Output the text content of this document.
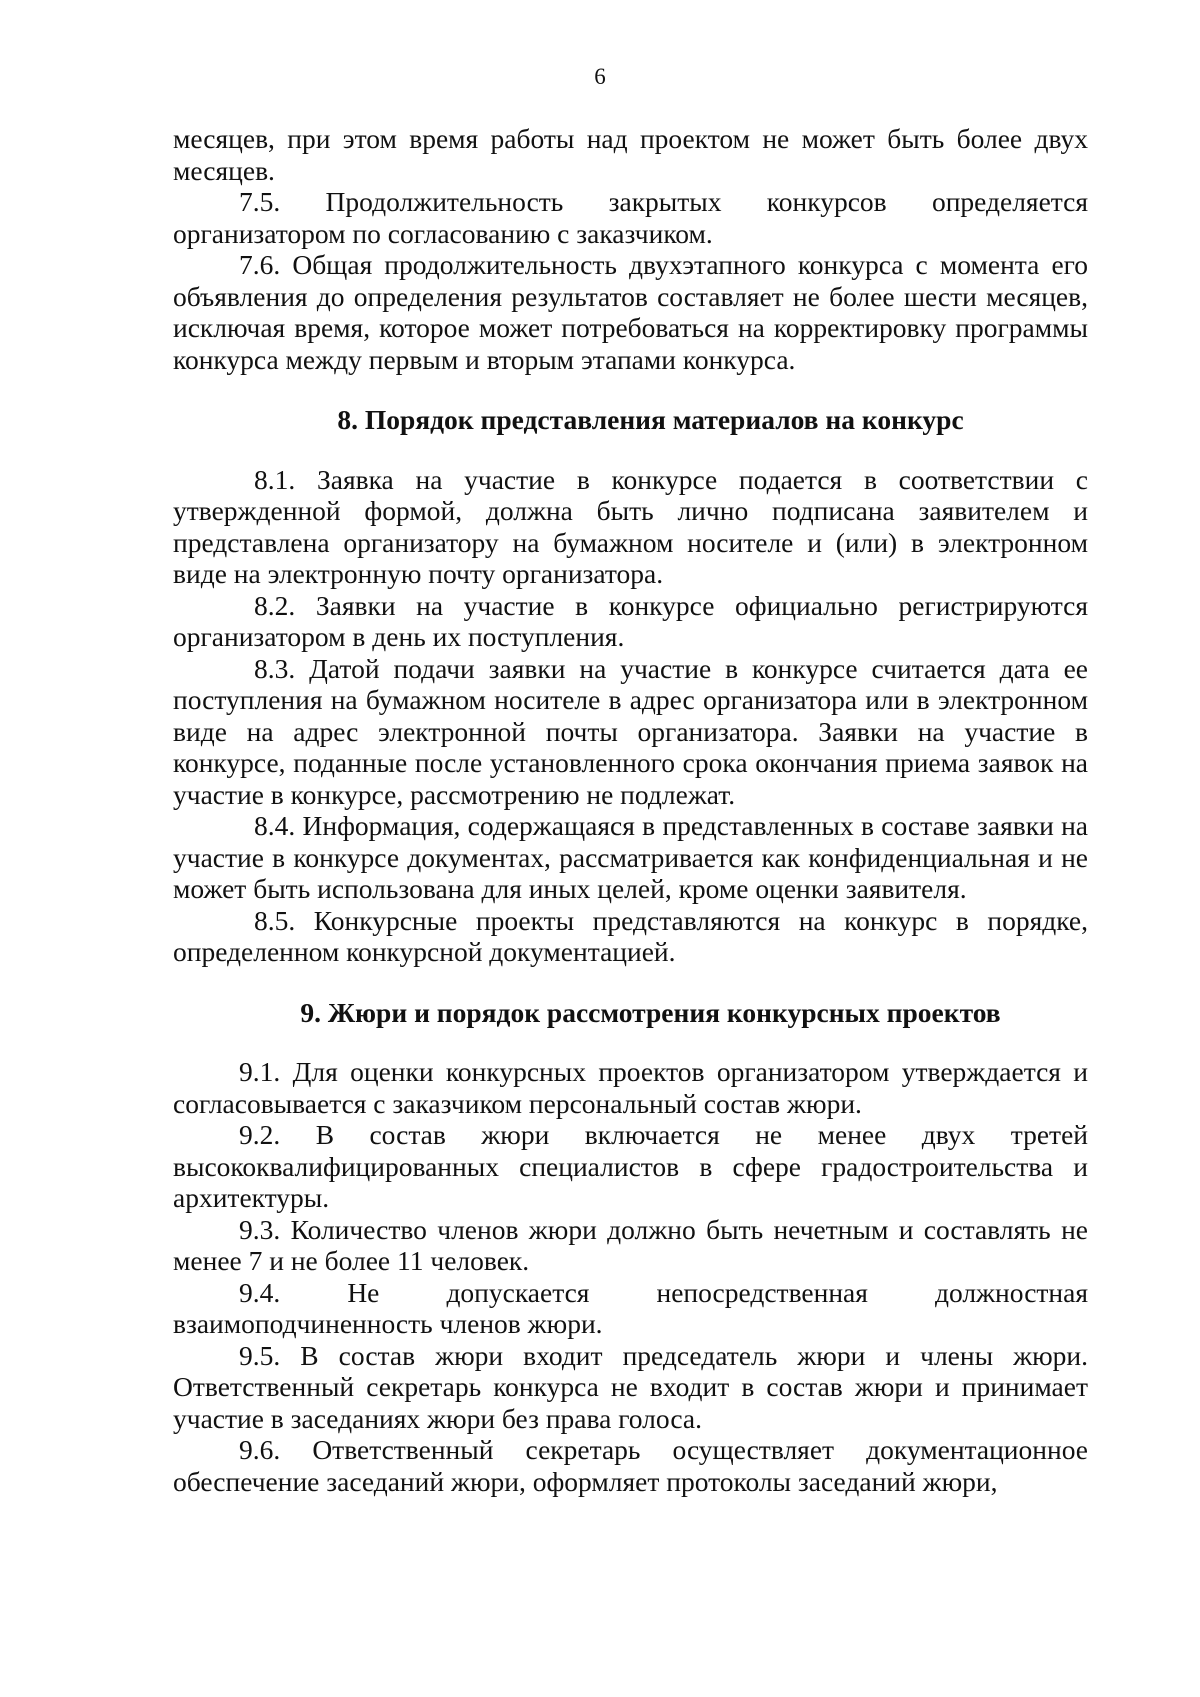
6

месяцев, при этом время работы над проектом не может быть более двух месяцев.

7.5. Продолжительность закрытых конкурсов определяется организатором по согласованию с заказчиком.

7.6. Общая продолжительность двухэтапного конкурса с момента его объявления до определения результатов составляет не более шести месяцев, исключая время, которое может потребоваться на корректировку программы конкурса между первым и вторым этапами конкурса.

8. Порядок представления материалов на конкурс

8.1. Заявка на участие в конкурсе подается в соответствии с утвержденной формой, должна быть лично подписана заявителем и представлена организатору на бумажном носителе и (или) в электронном виде на электронную почту организатора.

8.2. Заявки на участие в конкурсе официально регистрируются организатором в день их поступления.

8.3. Датой подачи заявки на участие в конкурсе считается дата ее поступления на бумажном носителе в адрес организатора или в электронном виде на адрес электронной почты организатора. Заявки на участие в конкурсе, поданные после установленного срока окончания приема заявок на участие в конкурсе, рассмотрению не подлежат.

8.4. Информация, содержащаяся в представленных в составе заявки на участие в конкурсе документах, рассматривается как конфиденциальная и не может быть использована для иных целей, кроме оценки заявителя.

8.5. Конкурсные проекты представляются на конкурс в порядке, определенном конкурсной документацией.

9. Жюри и порядок рассмотрения конкурсных проектов

9.1. Для оценки конкурсных проектов организатором утверждается и согласовывается с заказчиком персональный состав жюри.

9.2. В состав жюри включается не менее двух третей высококвалифицированных специалистов в сфере градостроительства и архитектуры.

9.3. Количество членов жюри должно быть нечетным и составлять не менее 7 и не более 11 человек.

9.4. Не допускается непосредственная должностная взаимоподчиненность членов жюри.

9.5. В состав жюри входит председатель жюри и члены жюри. Ответственный секретарь конкурса не входит в состав жюри и принимает участие в заседаниях жюри без права голоса.

9.6. Ответственный секретарь осуществляет документационное обеспечение заседаний жюри, оформляет протоколы заседаний жюри,
